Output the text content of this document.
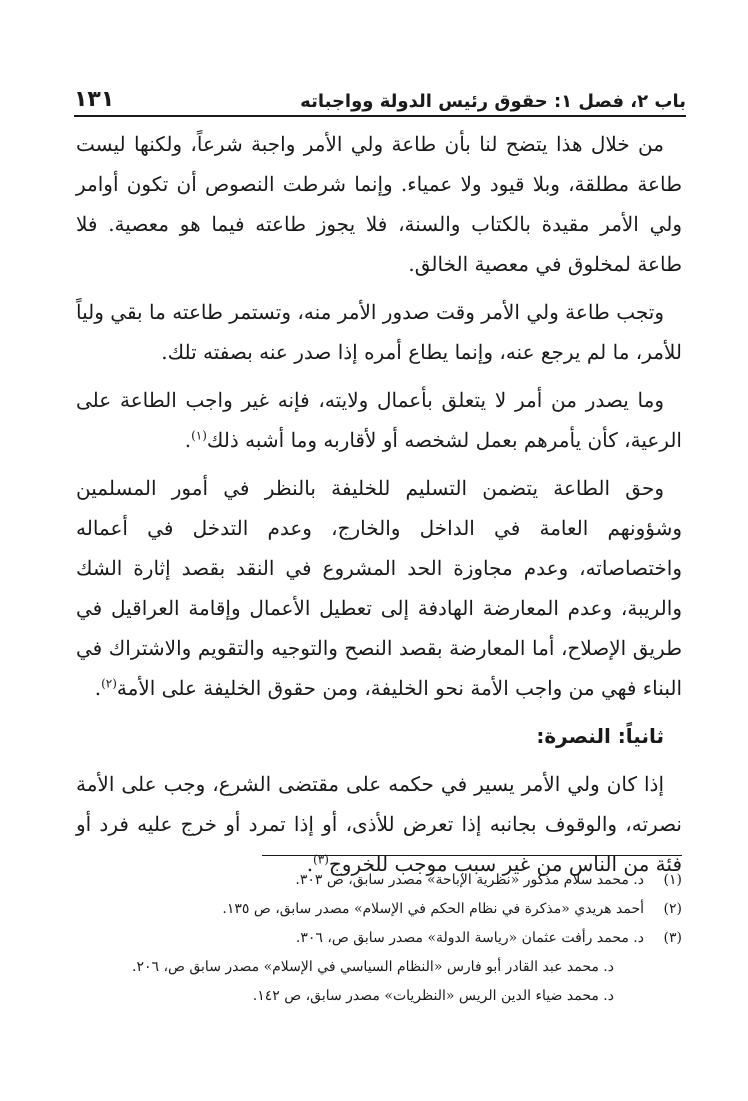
باب ٢، فصل ١: حقوق رئيس الدولة وواجباته
١٣١

من خلال هذا يتضح لنا بأن طاعة ولي الأمر واجبة شرعاً، ولكنها ليست طاعة مطلقة، وبلا قيود ولا عمياء. وإنما شرطت النصوص أن تكون أوامر ولي الأمر مقيدة بالكتاب والسنة، فلا يجوز طاعته فيما هو معصية. فلا طاعة لمخلوق في معصية الخالق.

وتجب طاعة ولي الأمر وقت صدور الأمر منه، وتستمر طاعته ما بقي ولياً للأمر، ما لم يرجع عنه، وإنما يطاع أمره إذا صدر عنه بصفته تلك.

وما يصدر من أمر لا يتعلق بأعمال ولايته، فإنه غير واجب الطاعة على الرعية، كأن يأمرهم بعمل لشخصه أو لأقاربه وما أشبه ذلك$^{(١)}$.

وحق الطاعة يتضمن التسليم للخليفة بالنظر في أمور المسلمين وشؤونهم العامة في الداخل والخارج، وعدم التدخل في أعماله واختصاصاته، وعدم مجاوزة الحد المشروع في النقد بقصد إثارة الشك والريبة، وعدم المعارضة الهادفة إلى تعطيل الأعمال وإقامة العراقيل في طريق الإصلاح، أما المعارضة بقصد النصح والتوجيه والتقويم والاشتراك في البناء فهي من واجب الأمة نحو الخليفة، ومن حقوق الخليفة على الأمة$^{(٢)}$.

ثانياً: النصرة:

إذا كان ولي الأمر يسير في حكمه على مقتضى الشرع، وجب على الأمة نصرته، والوقوف بجانبه إذا تعرض للأذى، أو إذا تمرد أو خرج عليه فرد أو فئة من الناس من غير سبب موجب للخروج$^{(٣)}$.

(١)
د. محمد سلام مذكور «نظرية الإباحة» مصدر سابق، ص ٣٠٣.
(٢)
أحمد هريدي «مذكرة في نظام الحكم في الإسلام» مصدر سابق، ص ١٣٥.
(٣)
د. محمد رأفت عثمان «رياسة الدولة» مصدر سابق ص، ٣٠٦.
د. محمد عبد القادر أبو فارس «النظام السياسي في الإسلام» مصدر سابق ص، ٢٠٦.
د. محمد ضياء الدين الريس «النظريات» مصدر سابق، ص ١٤٢.
